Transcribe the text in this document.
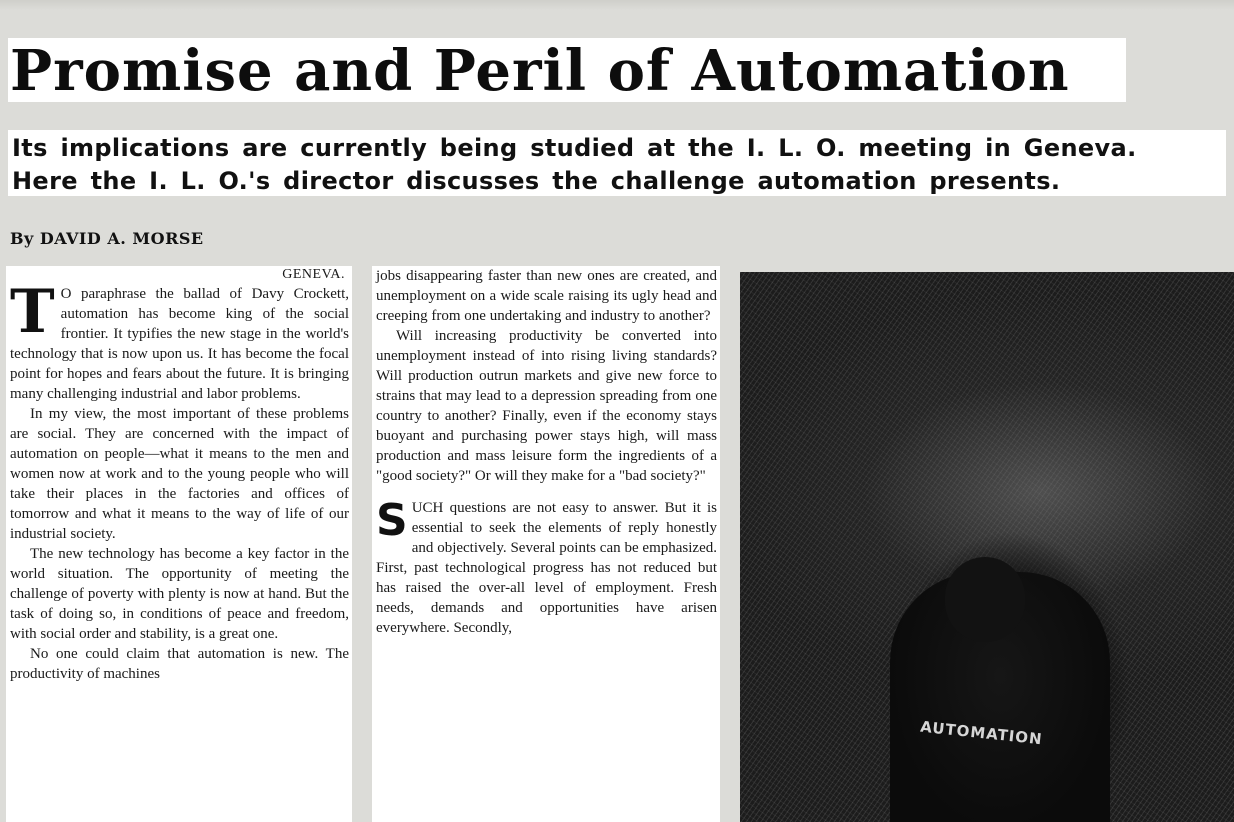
Promise and Peril of Automation
Its implications are currently being studied at the I. L. O. meeting in Geneva.
Here the I. L. O.'s director discusses the challenge automation presents.
By DAVID A. MORSE
GENEVA.

T O paraphrase the ballad of Davy Crockett, automation has become king of the social frontier. It typifies the new stage in the world's technology that is now upon us. It has become the focal point for hopes and fears about the future. It is bringing many challenging industrial and labor problems.

In my view, the most important of these problems are social. They are concerned with the impact of automation on people—what it means to the men and women now at work and to the young people who will take their places in the factories and offices of tomorrow and what it means to the way of life of our industrial society.

The new technology has become a key factor in the world situation. The opportunity of meeting the challenge of poverty with plenty is now at hand. But the task of doing so, in conditions of peace and freedom, with social order and stability, is a great one.

No one could claim that automation is new. The productivity of machines

jobs disappearing faster than new ones are created, and unemployment on a wide scale raising its ugly head and creeping from one undertaking and industry to another?

Will increasing productivity be converted into unemployment instead of into rising living standards? Will production outrun markets and give new force to strains that may lead to a depression spreading from one country to another? Finally, even if the economy stays buoyant and purchasing power stays high, will mass production and mass leisure form the ingredients of a "good society?" Or will they make for a "bad society?"

SUCH questions are not easy to answer. But it is essential to seek the elements of reply honestly and objectively. Several points can be emphasized. First, past technological progress has not reduced but has raised the over-all level of employment. Fresh needs, demands and opportunities have arisen everywhere. Secondly,

AUTOMATION
